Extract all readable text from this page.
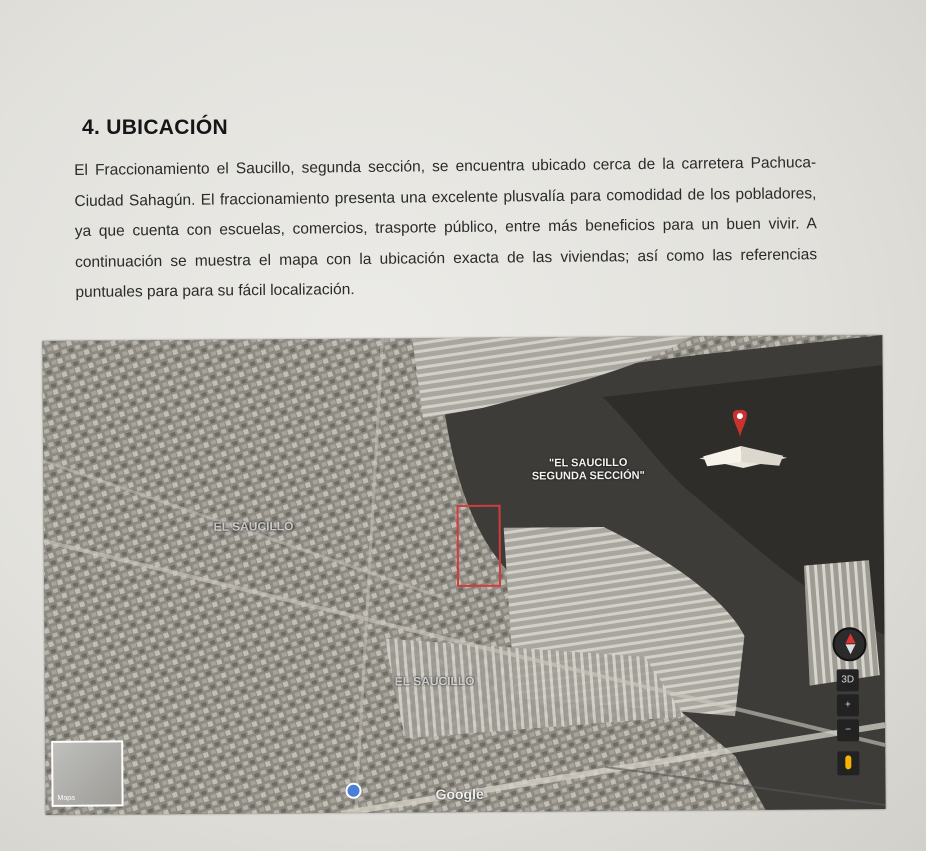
4. UBICACIÓN
El Fraccionamiento el Saucillo, segunda sección, se encuentra ubicado cerca de la carretera Pachuca-Ciudad Sahagún. El fraccionamiento presenta una excelente plusvalía para comodidad de los pobladores, ya que cuenta con escuelas, comercios, trasporte público, entre más beneficios para un buen vivir. A continuación se muestra el mapa con la ubicación exacta de las viviendas; así como las referencias puntuales para para su fácil localización.
"EL SAUCILLO
SEGUNDA SECCIÓN"
EL SAUCILLO
EL SAUCILLO	3D
+
−
Mapa	Google
